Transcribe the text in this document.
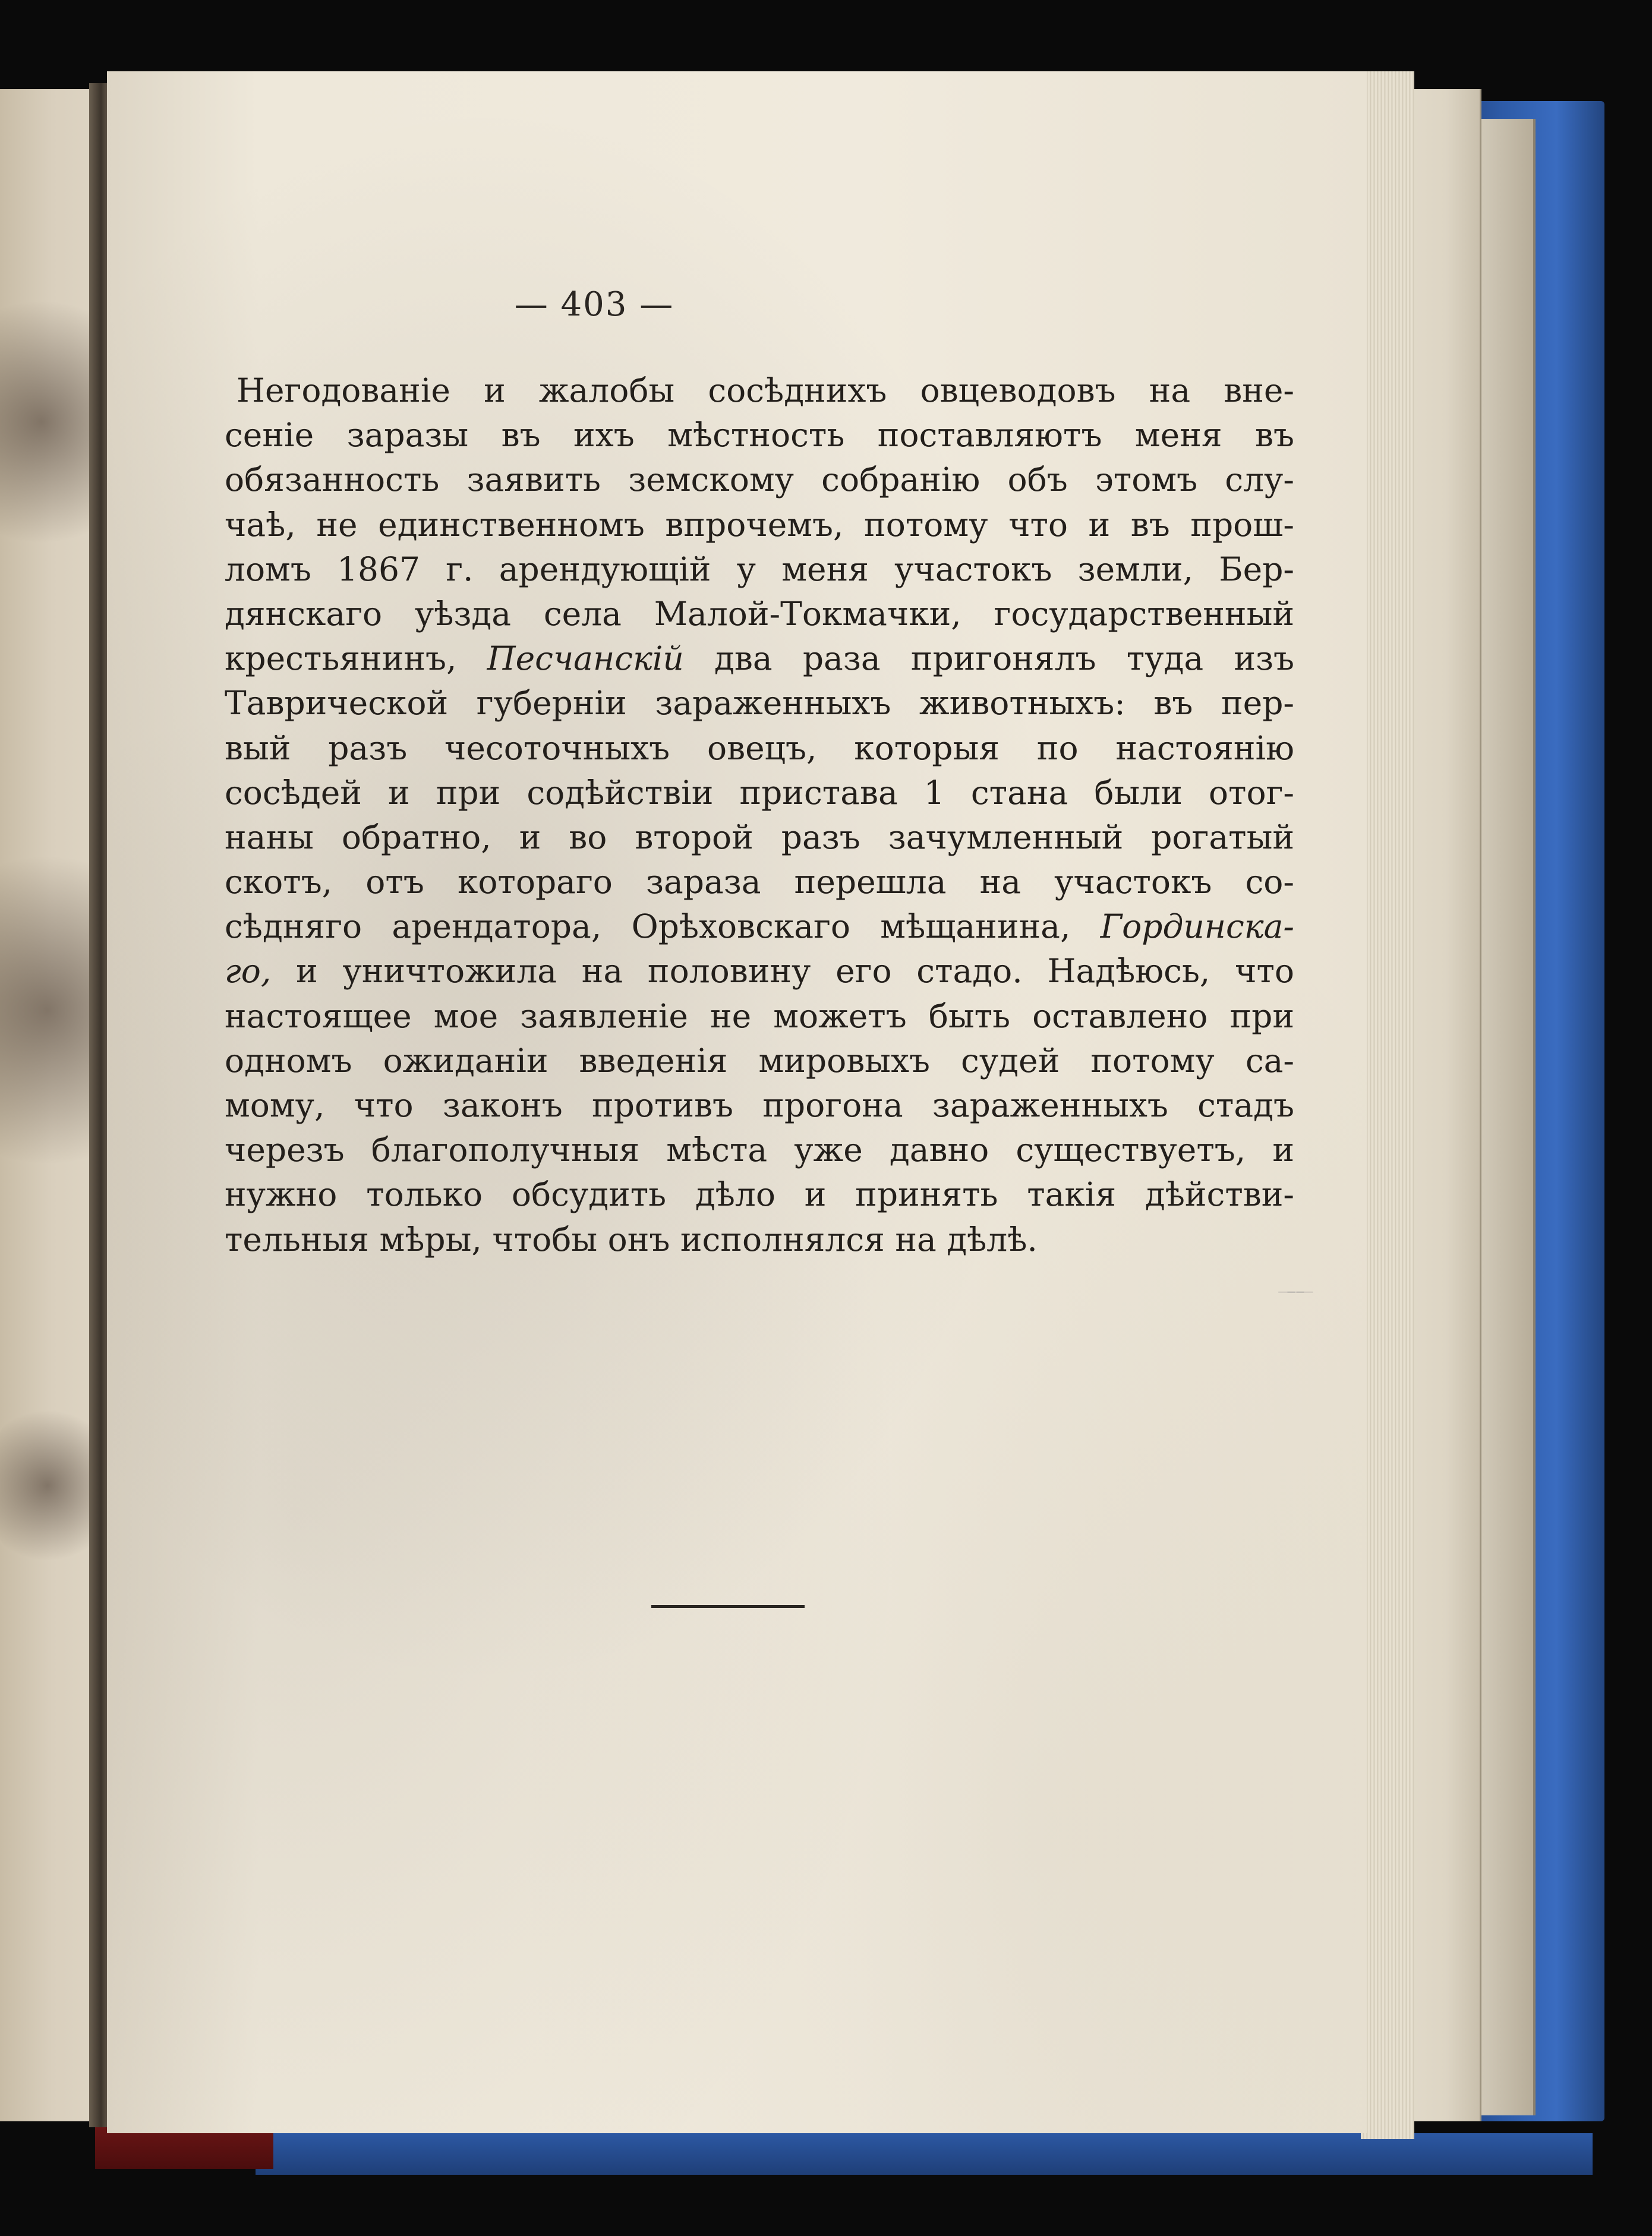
— 403 —
̶ ̶ ̶

Негодованіе и жалобы сосѣднихъ овцеводовъ на вне-
сеніе заразы въ ихъ мѣстность поставляютъ меня въ
обязанность заявить земскому собранію объ этомъ слу-
чаѣ, не единственномъ впрочемъ, потому что и въ прош-
ломъ 1867 г. арендующій у меня участокъ земли, Бер-
дянскаго уѣзда села Малой-Токмачки, государственный
крестьянинъ, Песчанскій два раза пригонялъ туда изъ
Таврической губерніи зараженныхъ животныхъ: въ пер-
вый разъ чесоточныхъ овецъ, которыя по настоянію
сосѣдей и при содѣйствіи пристава 1 стана были отог-
наны обратно, и во второй разъ зачумленный рогатый
скотъ, отъ котораго зараза перешла на участокъ со-
сѣдняго арендатора, Орѣховскаго мѣщанина, Гординска-
го, и уничтожила на половину его стадо. Надѣюсь, что
настоящее мое заявленіе не можетъ быть оставлено при
одномъ ожиданіи введенія мировыхъ судей потому са-
мому, что законъ противъ прогона зараженныхъ стадъ
черезъ благополучныя мѣста уже давно существуетъ, и
нужно только обсудить дѣло и принять такія дѣйстви-
тельныя мѣры, чтобы онъ исполнялся на дѣлѣ.
